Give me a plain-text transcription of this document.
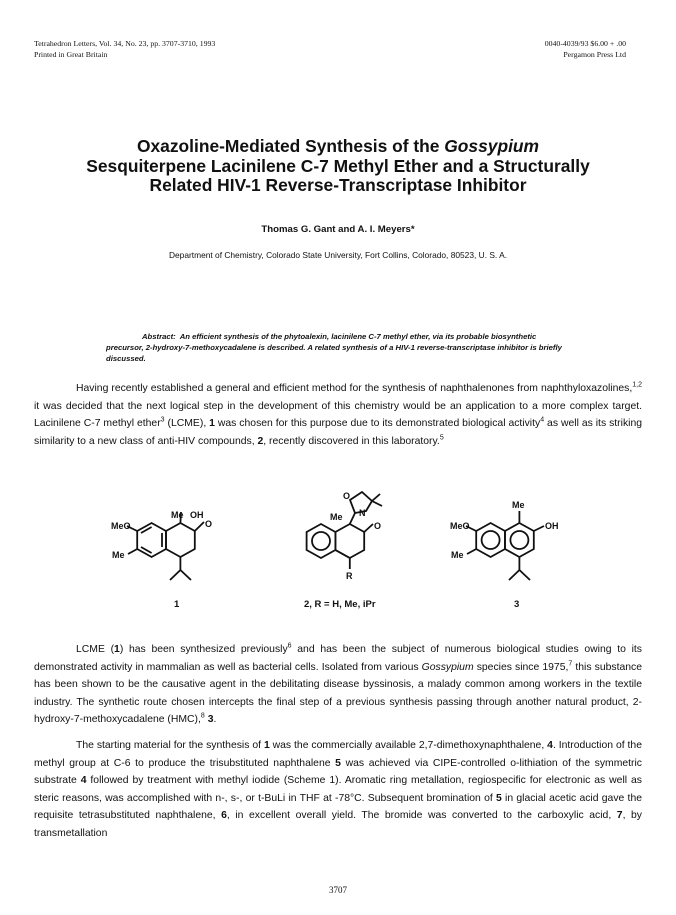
Tetrahedron Letters, Vol. 34, No. 23, pp. 3707-3710, 1993
Printed in Great Britain
0040-4039/93 $6.00 + .00
Pergamon Press Ltd
Oxazoline-Mediated Synthesis of the Gossypium
Sesquiterpene Lacinilene C-7 Methyl Ether and a Structurally
Related HIV-1 Reverse-Transcriptase Inhibitor
Thomas G. Gant and A. I. Meyers*
Department of Chemistry, Colorado State University, Fort Collins, Colorado, 80523, U. S. A.
Abstract: An efficient synthesis of the phytoalexin, lacinilene C-7 methyl ether, via its probable biosynthetic precursor, 2-hydroxy-7-methoxycadalene is described. A related synthesis of a HIV-1 reverse-transcriptase inhibitor is briefly discussed.
Having recently established a general and efficient method for the synthesis of naphthalenones from naphthyloxazolines,$^{1,2}$ it was decided that the next logical step in the development of this chemistry would be an application to a more complex target. Lacinilene C-7 methyl ether$^3$ (LCME), 1 was chosen for this purpose due to its demonstrated biological activity$^4$ as well as its striking similarity to a new class of anti-HIV compounds, 2, recently discovered in this laboratory.$^5$
MeO
Me
Me OH
O
1
Me N
O
O
R
2, R = H, Me, iPr
MeO
Me
Me
OH
3
LCME (1) has been synthesized previously$^6$ and has been the subject of numerous biological studies owing to its demonstrated activity in mammalian as well as bacterial cells. Isolated from various Gossypium species since 1975,$^7$ this substance has been shown to be the causative agent in the debilitating disease byssinosis, a malady common among workers in the textile industry. The synthetic route chosen intercepts the final step of a previous synthesis passing through another natural product, 2-hydroxy-7-methoxycadalene (HMC),$^8$ 3.
The starting material for the synthesis of 1 was the commercially available 2,7-dimethoxynaphthalene, 4. Introduction of the methyl group at C-6 to produce the trisubstituted naphthalene 5 was achieved via CIPE-controlled o-lithiation of the symmetric substrate 4 followed by treatment with methyl iodide (Scheme 1). Aromatic ring metallation, regiospecific for electronic as well as steric reasons, was accomplished with n-, s-, or t-BuLi in THF at -78°C. Subsequent bromination of 5 in glacial acetic acid gave the requisite tetrasubstituted naphthalene, 6, in excellent overall yield. The bromide was converted to the carboxylic acid, 7, by transmetallation
3707
